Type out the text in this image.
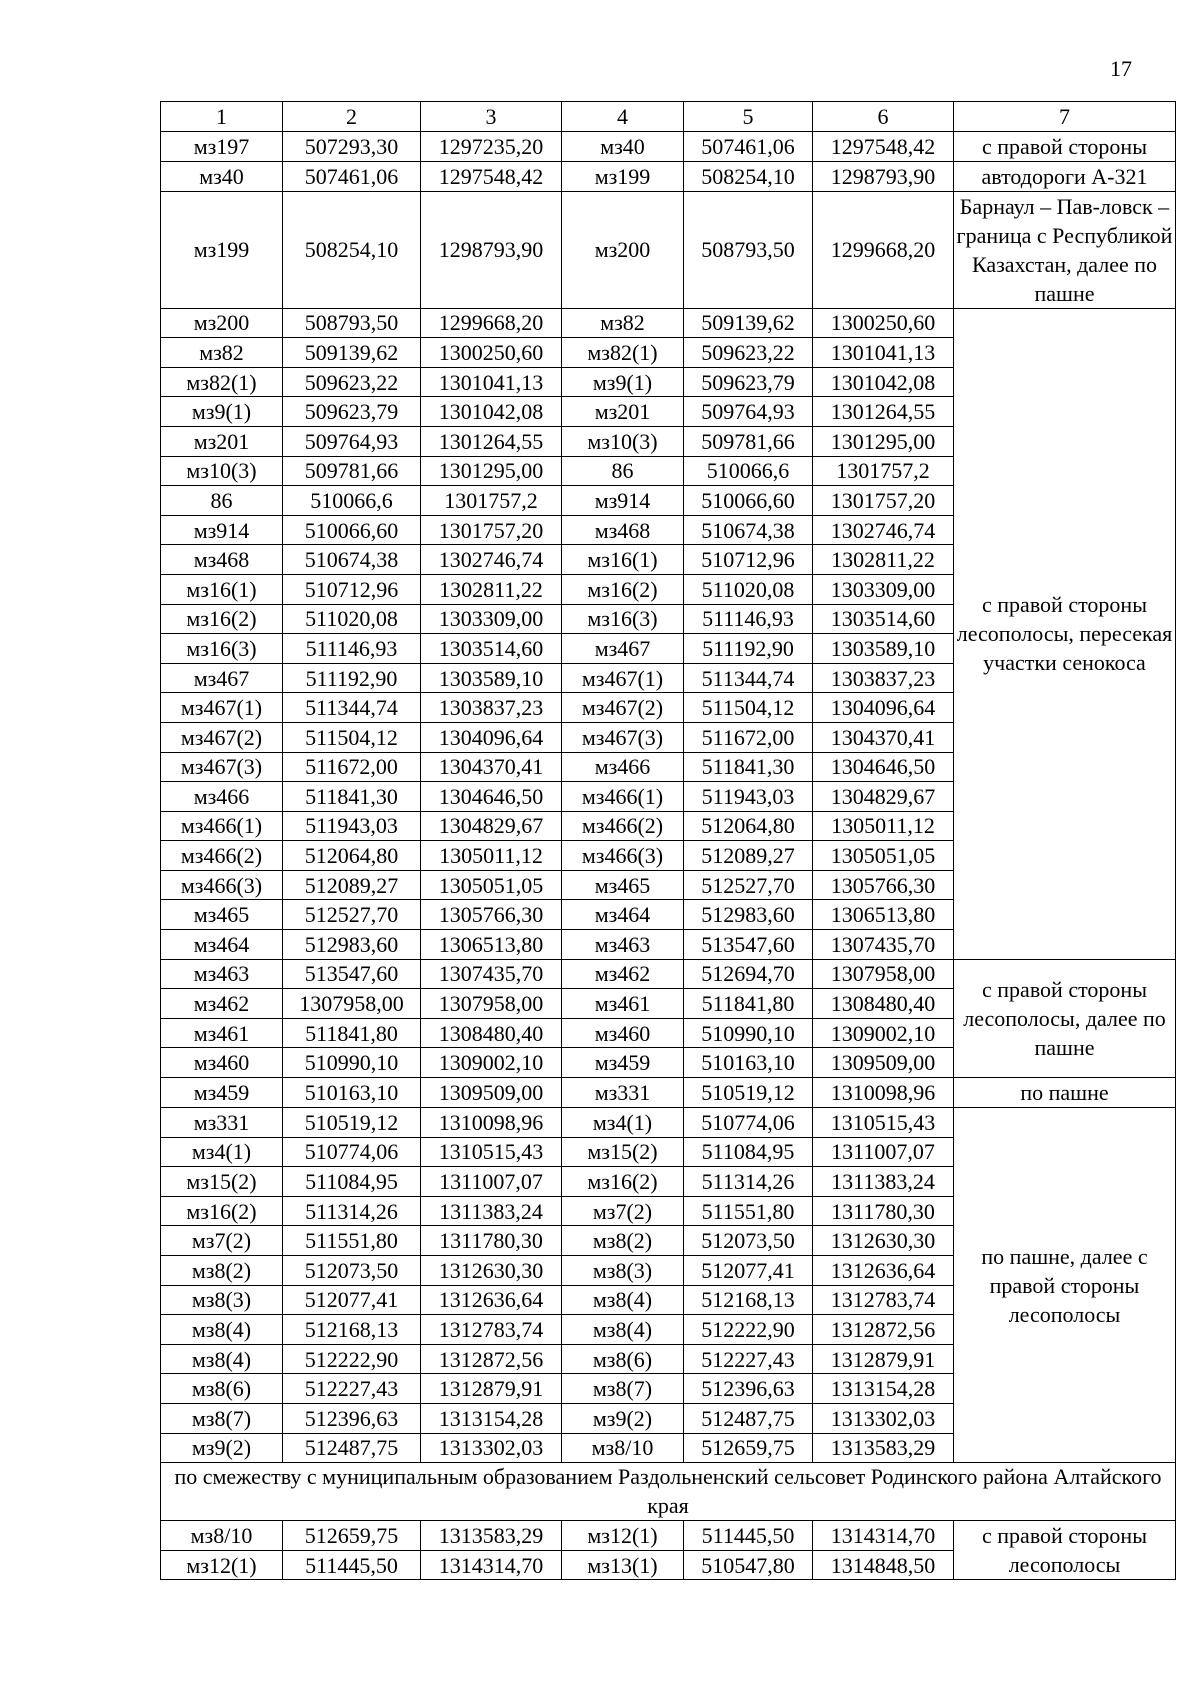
17
1	2	3	4	5	6	7
мз197	507293,30	1297235,20	мз40	507461,06	1297548,42	с правой стороны
мз40	507461,06	1297548,42	мз199	508254,10	1298793,90	автодороги А-321
мз199	508254,10	1298793,90	мз200	508793,50	1299668,20	Барнаул – Пав-ловск – граница с Республикой Казахстан, далее по пашне

мз200	508793,50	1299668,20	мз82	509139,62	1300250,60	с правой стороны лесополосы, пересекая участки сенокоса
мз82	509139,62	1300250,60	мз82(1)	509623,22	1301041,13	
мз82(1)	509623,22	1301041,13	мз9(1)	509623,79	1301042,08	
мз9(1)	509623,79	1301042,08	мз201	509764,93	1301264,55	
мз201	509764,93	1301264,55	мз10(3)	509781,66	1301295,00	
мз10(3)	509781,66	1301295,00	86	510066,6	1301757,2	
86	510066,6	1301757,2	мз914	510066,60	1301757,20	
мз914	510066,60	1301757,20	мз468	510674,38	1302746,74	
мз468	510674,38	1302746,74	мз16(1)	510712,96	1302811,22	
мз16(1)	510712,96	1302811,22	мз16(2)	511020,08	1303309,00	
мз16(2)	511020,08	1303309,00	мз16(3)	511146,93	1303514,60	
мз16(3)	511146,93	1303514,60	мз467	511192,90	1303589,10	
мз467	511192,90	1303589,10	мз467(1)	511344,74	1303837,23	
мз467(1)	511344,74	1303837,23	мз467(2)	511504,12	1304096,64	
мз467(2)	511504,12	1304096,64	мз467(3)	511672,00	1304370,41	
мз467(3)	511672,00	1304370,41	мз466	511841,30	1304646,50	
мз466	511841,30	1304646,50	мз466(1)	511943,03	1304829,67	
мз466(1)	511943,03	1304829,67	мз466(2)	512064,80	1305011,12	
мз466(2)	512064,80	1305011,12	мз466(3)	512089,27	1305051,05	
мз466(3)	512089,27	1305051,05	мз465	512527,70	1305766,30	
мз465	512527,70	1305766,30	мз464	512983,60	1306513,80	
мз464	512983,60	1306513,80	мз463	513547,60	1307435,70	
мз463	513547,60	1307435,70	мз462	512694,70	1307958,00	с правой стороны лесополосы, далее по пашне
мз462	1307958,00	1307958,00	мз461	511841,80	1308480,40	
мз461	511841,80	1308480,40	мз460	510990,10	1309002,10	
мз460	510990,10	1309002,10	мз459	510163,10	1309509,00	
мз459	510163,10	1309509,00	мз331	510519,12	1310098,96	по пашне
мз331	510519,12	1310098,96	мз4(1)	510774,06	1310515,43	по пашне, далее с правой стороны лесополосы
мз4(1)	510774,06	1310515,43	мз15(2)	511084,95	1311007,07	
мз15(2)	511084,95	1311007,07	мз16(2)	511314,26	1311383,24	
мз16(2)	511314,26	1311383,24	мз7(2)	511551,80	1311780,30	
мз7(2)	511551,80	1311780,30	мз8(2)	512073,50	1312630,30	
мз8(2)	512073,50	1312630,30	мз8(3)	512077,41	1312636,64	
мз8(3)	512077,41	1312636,64	мз8(4)	512168,13	1312783,74	
мз8(4)	512168,13	1312783,74	мз8(4)	512222,90	1312872,56	
мз8(4)	512222,90	1312872,56	мз8(6)	512227,43	1312879,91	
мз8(6)	512227,43	1312879,91	мз8(7)	512396,63	1313154,28	
мз8(7)	512396,63	1313154,28	мз9(2)	512487,75	1313302,03	
мз9(2)	512487,75	1313302,03	мз8/10	512659,75	1313583,29	
по смежеству с муниципальным образованием Раздольненский сельсовет Родинского района Алтайского края						
мз8/10	512659,75	1313583,29	мз12(1)	511445,50	1314314,70	с правой стороны лесополосы
мз12(1)	511445,50	1314314,70	мз13(1)	510547,80	1314848,50	
